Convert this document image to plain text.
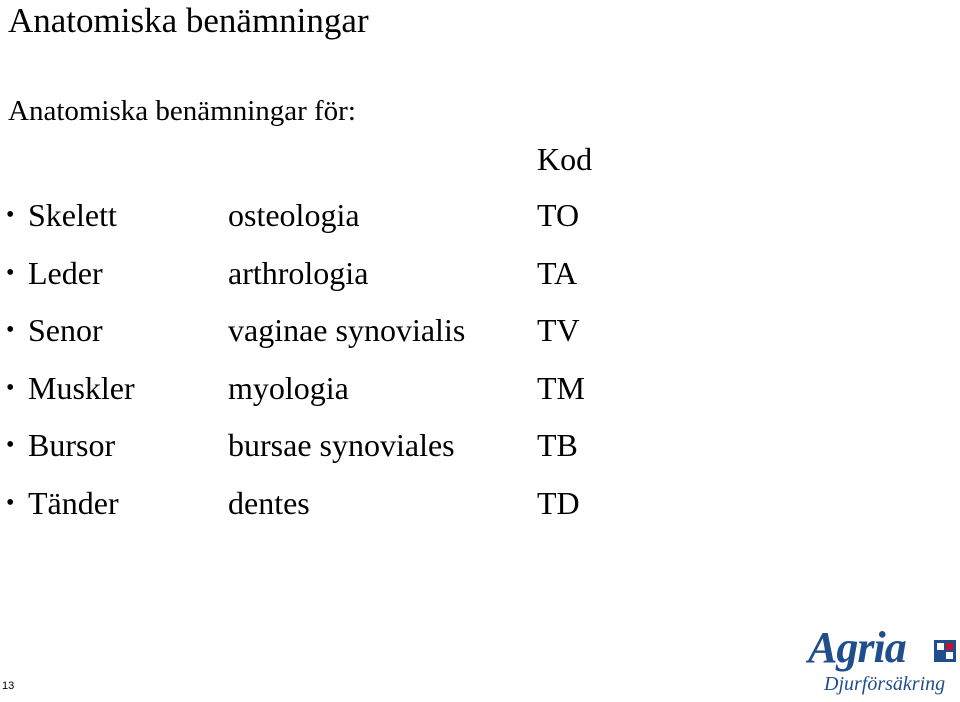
Anatomiska benämningar
Anatomiska benämningar för:
Kod
• Skelett	osteologia	TO
• Leder	arthrologia	TA
• Senor	vaginae synovialis TV
• Muskler	myologia	TM
• Bursor	bursae synoviales	TB
• Tänder	dentes	TD
13
Agria
Djurförsäkring
